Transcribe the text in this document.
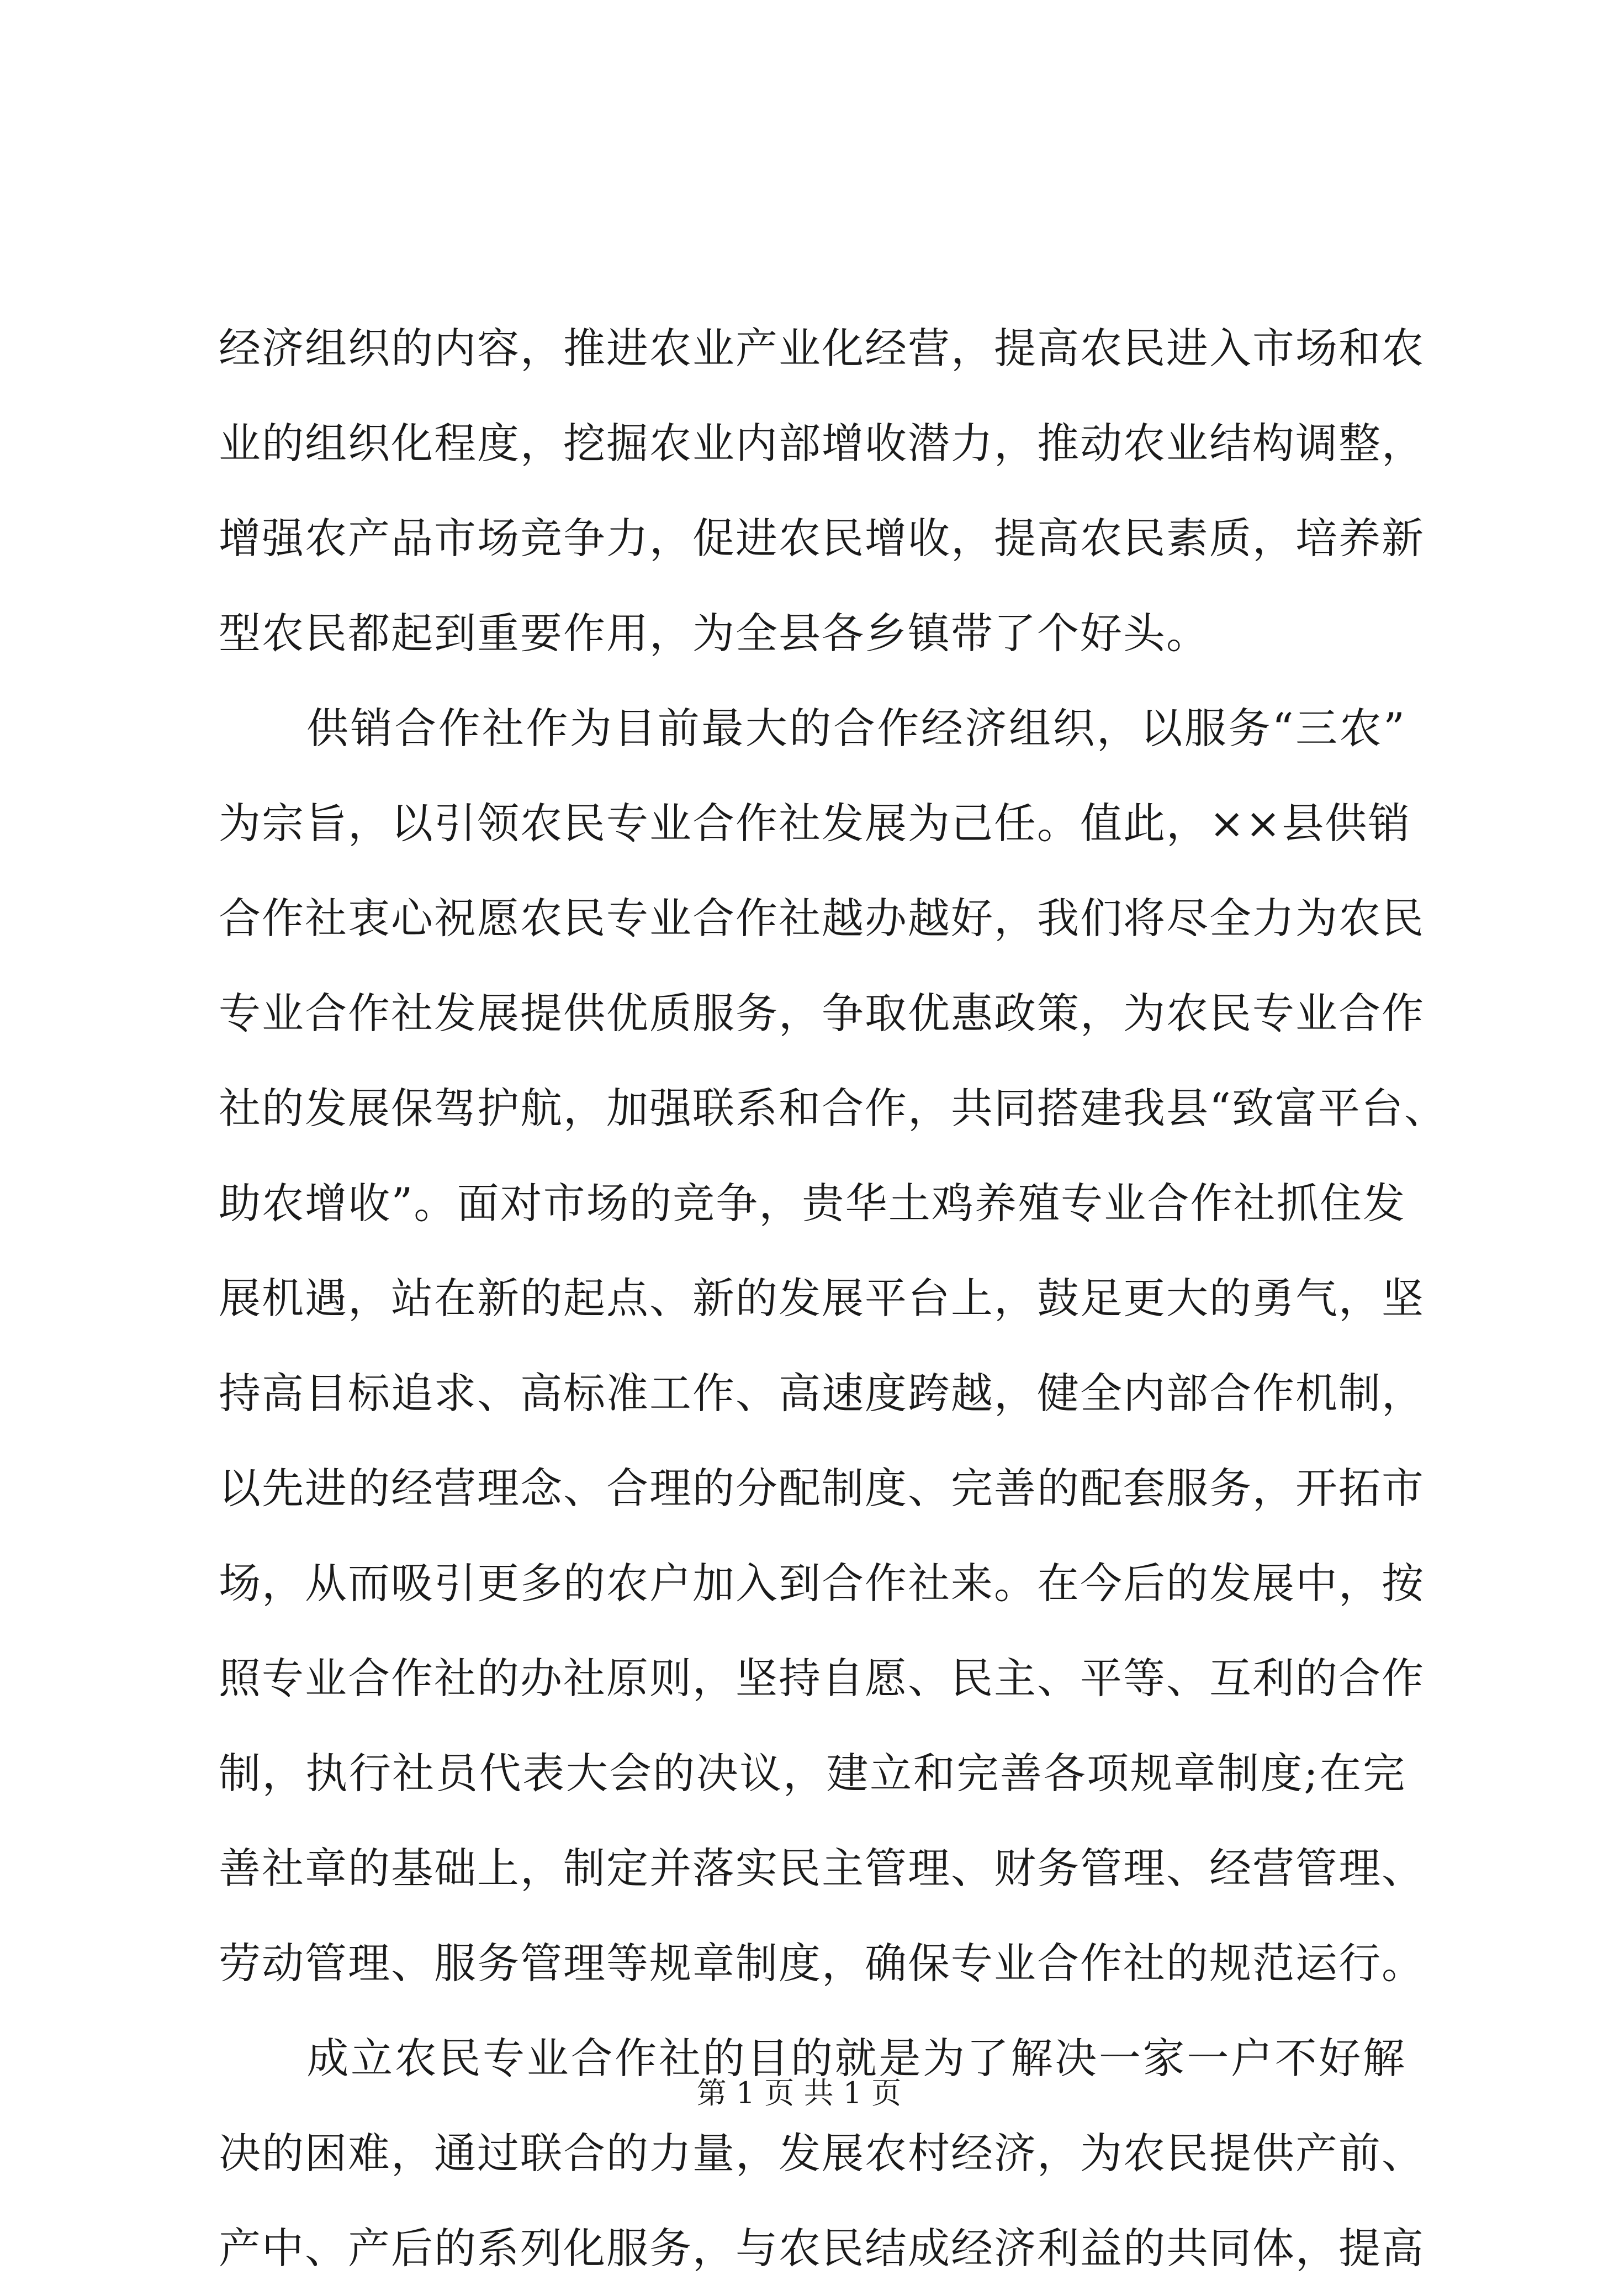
经济组织的内容，推进农业产业化经营，提高农民进入市场和农
业的组织化程度，挖掘农业内部增收潜力，推动农业结构调整，
增强农产品市场竞争力，促进农民增收，提高农民素质，培养新
型农民都起到重要作用，为全县各乡镇带了个好头。
　　供销合作社作为目前最大的合作经济组织，以服务“三农”
为宗旨，以引领农民专业合作社发展为己任。值此，××县供销
合作社衷心祝愿农民专业合作社越办越好，我们将尽全力为农民
专业合作社发展提供优质服务，争取优惠政策，为农民专业合作
社的发展保驾护航，加强联系和合作，共同搭建我县“致富平台、
助农增收”。面对市场的竞争，贵华土鸡养殖专业合作社抓住发
展机遇，站在新的起点、新的发展平台上，鼓足更大的勇气，坚
持高目标追求、高标准工作、高速度跨越，健全内部合作机制，
以先进的经营理念、合理的分配制度、完善的配套服务，开拓市
场，从而吸引更多的农户加入到合作社来。在今后的发展中，按
照专业合作社的办社原则，坚持自愿、民主、平等、互利的合作
制，执行社员代表大会的决议，建立和完善各项规章制度;在完
善社章的基础上，制定并落实民主管理、财务管理、经营管理、
劳动管理、服务管理等规章制度，确保专业合作社的规范运行。
　　成立农民专业合作社的目的就是为了解决一家一户不好解
决的困难，通过联合的力量，发展农村经济，为农民提供产前、
产中、产后的系列化服务，与农民结成经济利益的共同体，提高
第 1 页 共 1 页
